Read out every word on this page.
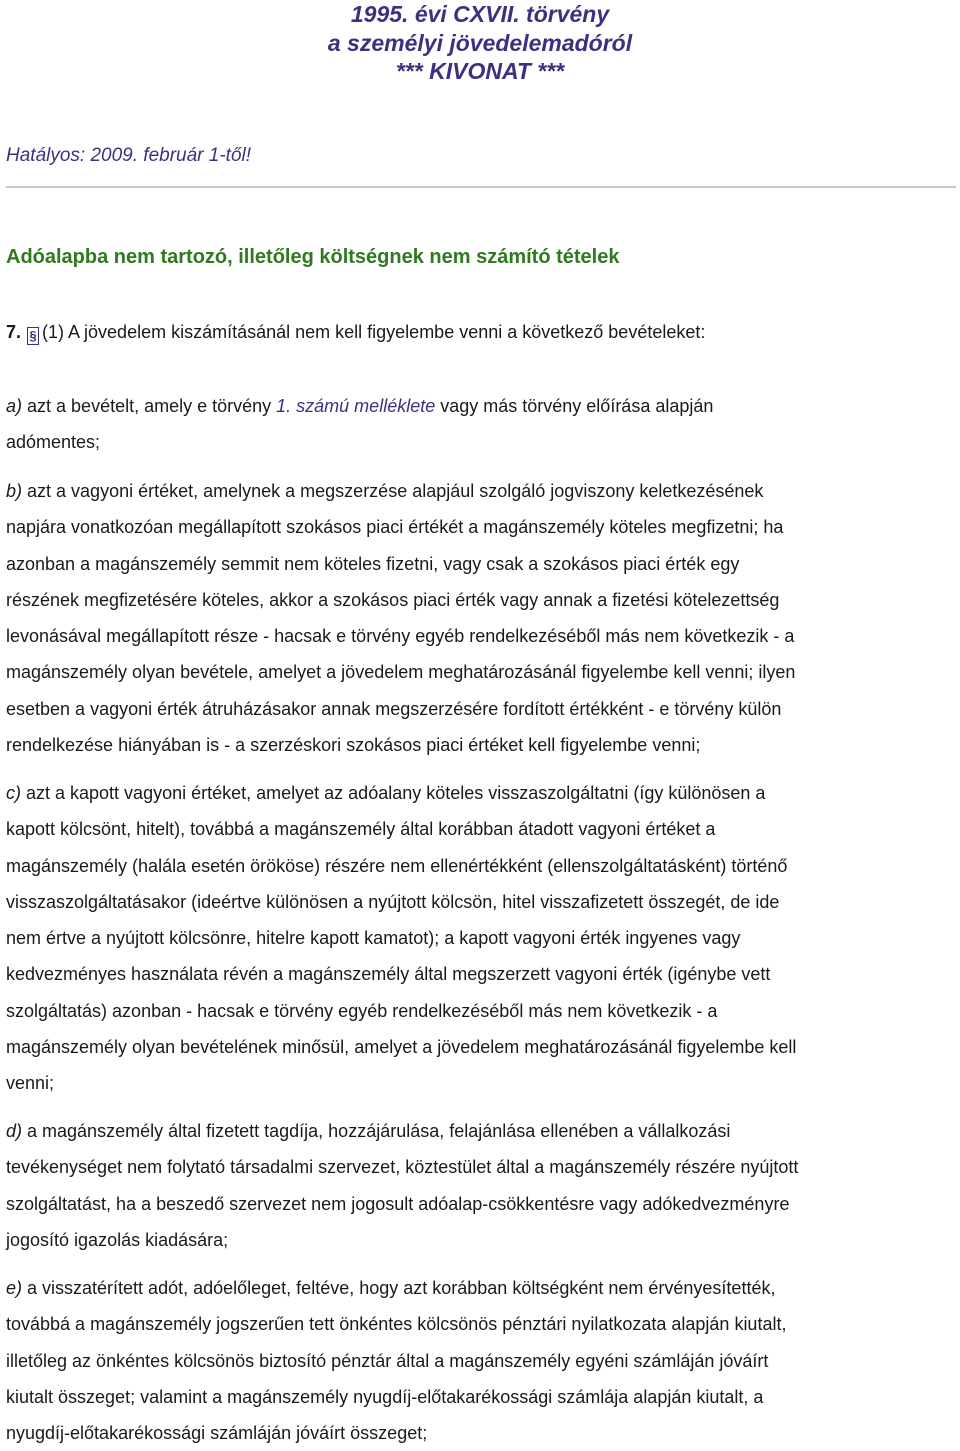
1995. évi CXVII. törvény
a személyi jövedelemadóról
*** KIVONAT ***
Hatályos: 2009. február 1-től!
Adóalapba nem tartozó, illetőleg költségnek nem számító tételek
7. § (1) A jövedelem kiszámításánál nem kell figyelembe venni a következő bevételeket:
a) azt a bevételt, amely e törvény 1. számú melléklete vagy más törvény előírása alapján
adómentes;
b) azt a vagyoni értéket, amelynek a megszerzése alapjául szolgáló jogviszony keletkezésének
napjára vonatkozóan megállapított szokásos piaci értékét a magánszemély köteles megfizetni; ha
azonban a magánszemély semmit nem köteles fizetni, vagy csak a szokásos piaci érték egy
részének megfizetésére köteles, akkor a szokásos piaci érték vagy annak a fizetési kötelezettség
levonásával megállapított része - hacsak e törvény egyéb rendelkezéséből más nem következik - a
magánszemély olyan bevétele, amelyet a jövedelem meghatározásánál figyelembe kell venni; ilyen
esetben a vagyoni érték átruházásakor annak megszerzésére fordított értékként - e törvény külön
rendelkezése hiányában is - a szerzéskori szokásos piaci értéket kell figyelembe venni;
c) azt a kapott vagyoni értéket, amelyet az adóalany köteles visszaszolgáltatni (így különösen a
kapott kölcsönt, hitelt), továbbá a magánszemély által korábban átadott vagyoni értéket a
magánszemély (halála esetén örököse) részére nem ellenértékként (ellenszolgáltatásként) történő
visszaszolgáltatásakor (ideértve különösen a nyújtott kölcsön, hitel visszafizetett összegét, de ide
nem értve a nyújtott kölcsönre, hitelre kapott kamatot); a kapott vagyoni érték ingyenes vagy
kedvezményes használata révén a magánszemély által megszerzett vagyoni érték (igénybe vett
szolgáltatás) azonban - hacsak e törvény egyéb rendelkezéséből más nem következik - a
magánszemély olyan bevételének minősül, amelyet a jövedelem meghatározásánál figyelembe kell
venni;
d) a magánszemély által fizetett tagdíja, hozzájárulása, felajánlása ellenében a vállalkozási
tevékenységet nem folytató társadalmi szervezet, köztestület által a magánszemély részére nyújtott
szolgáltatást, ha a beszedő szervezet nem jogosult adóalap-csökkentésre vagy adókedvezményre
jogosító igazolás kiadására;
e) a visszatérített adót, adóelőleget, feltéve, hogy azt korábban költségként nem érvényesítették,
továbbá a magánszemély jogszerűen tett önkéntes kölcsönös pénztári nyilatkozata alapján kiutalt,
illetőleg az önkéntes kölcsönös biztosító pénztár által a magánszemély egyéni számláján jóváírt
kiutalt összeget; valamint a magánszemély nyugdíj-előtakarékossági számlája alapján kiutalt, a
nyugdíj-előtakarékossági számláján jóváírt összeget;
